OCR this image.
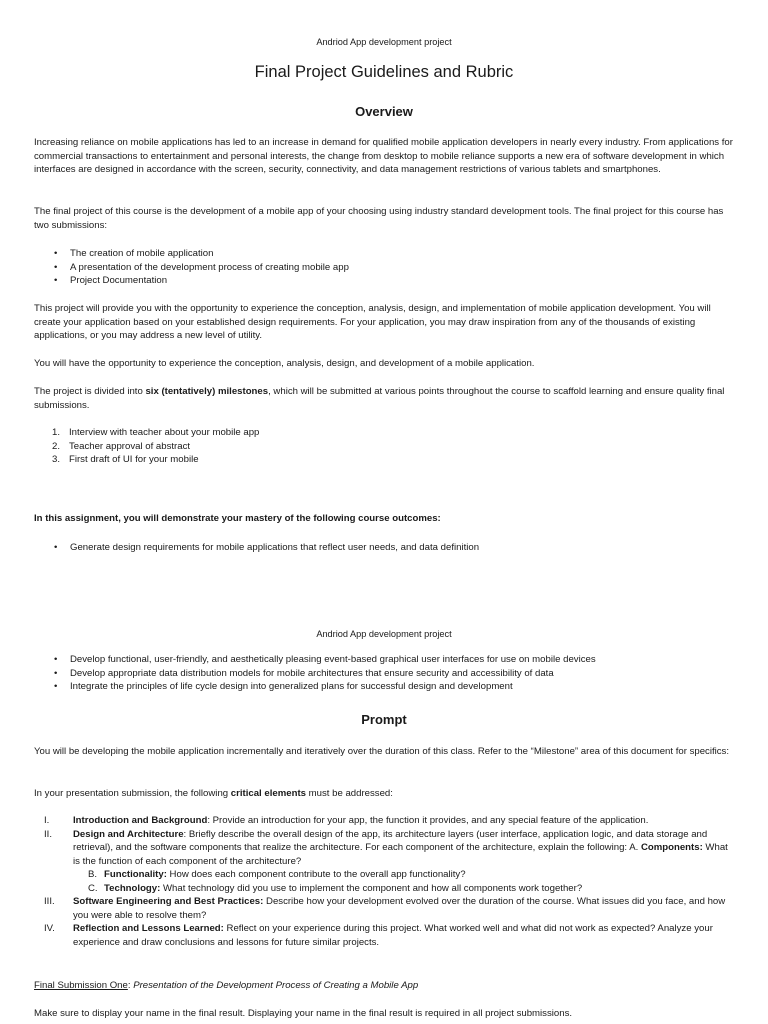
Andriod App development project
Final Project Guidelines and Rubric
Overview
Increasing reliance on mobile applications has led to an increase in demand for qualified mobile application developers in nearly every industry. From applications for commercial transactions to entertainment and personal interests, the change from desktop to mobile reliance supports a new era of software development in which interfaces are designed in accordance with the screen, security, connectivity, and data management restrictions of various tablets and smartphones.
The final project of this course is the development of a mobile app of your choosing using industry standard development tools. The final project for this course has two submissions:
• The creation of mobile application
• A presentation of the development process of creating mobile app
• Project Documentation
This project will provide you with the opportunity to experience the conception, analysis, design, and implementation of mobile application development. You will create your application based on your established design requirements. For your application, you may draw inspiration from any of the thousands of existing applications, or you may address a new level of utility.
You will have the opportunity to experience the conception, analysis, design, and development of a mobile application.
The project is divided into six (tentatively) milestones, which will be submitted at various points throughout the course to scaffold learning and ensure quality final submissions.
1. Interview with teacher about your mobile app
2. Teacher approval of abstract
3. First draft of UI for your mobile
In this assignment, you will demonstrate your mastery of the following course outcomes:
• Generate design requirements for mobile applications that reflect user needs, and data definition
Andriod App development project
• Develop functional, user-friendly, and aesthetically pleasing event-based graphical user interfaces for use on mobile devices
• Develop appropriate data distribution models for mobile architectures that ensure security and accessibility of data
• Integrate the principles of life cycle design into generalized plans for successful design and development
Prompt
You will be developing the mobile application incrementally and iteratively over the duration of this class. Refer to the “Milestone” area of this document for specifics:
In your presentation submission, the following critical elements must be addressed:
I. Introduction and Background: Provide an introduction for your app, the function it provides, and any special feature of the application.
II. Design and Architecture: Briefly describe the overall design of the app, its architecture layers (user interface, application logic, and data storage and retrieval), and the software components that realize the architecture. For each component of the architecture, explain the following: A. Components: What is the function of each component of the architecture?
B. Functionality: How does each component contribute to the overall app functionality?
C. Technology: What technology did you use to implement the component and how all components work together?
III. Software Engineering and Best Practices: Describe how your development evolved over the duration of the course. What issues did you face, and how you were able to resolve them?
IV. Reflection and Lessons Learned: Reflect on your experience during this project. What worked well and what did not work as expected? Analyze your experience and draw conclusions and lessons for future similar projects.
Final Submission One: Presentation of the Development Process of Creating a Mobile App
Make sure to display your name in the final result. Displaying your name in the final result is required in all project submissions.
